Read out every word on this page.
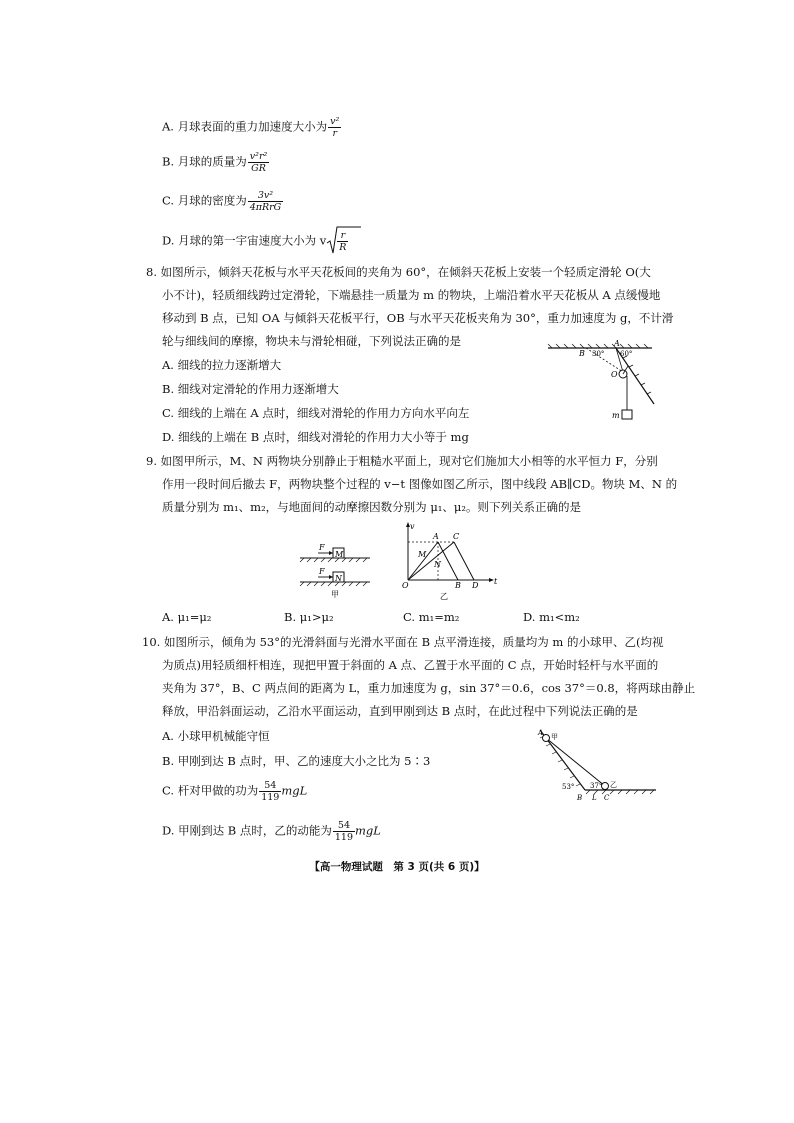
A. 月球表面的重力加速度大小为 $\frac{\text{v²}}{r}$
B. 月球的质量为 $\frac{\text{v²r²}}{GR}$
C. 月球的密度为 $\frac{\text{3v²}}{\text{4πRrG}}$
D. 月球的第一宇宙速度大小为 v $\frac{r}{R}$
8. 如图所示，倾斜天花板与水平天花板间的夹角为 60°，在倾斜天花板上安装一个轻质定滑轮 O(大
小不计)，轻质细线跨过定滑轮，下端悬挂一质量为 m 的物块，上端沿着水平天花板从 A 点缓慢地
移动到 B 点，已知 OA 与倾斜天花板平行，OB 与水平天花板夹角为 30°，重力加速度为 g，不计滑
轮与细线间的摩擦，物块未与滑轮相碰，下列说法正确的是
A. 细线的拉力逐渐增大
B. 细线对定滑轮的作用力逐渐增大
C. 细线的上端在 A 点时，细线对滑轮的作用力方向水平向左
D. 细线的上端在 B 点时，细线对滑轮的作用力大小等于 mg
B
A
30° 60°
O
m
9. 如图甲所示，M、N 两物块分别静止于粗糙水平面上，现对它们施加大小相等的水平恒力 F，分别
作用一段时间后撤去 F，两物块整个过程的 v−t 图像如图乙所示，图中线段 AB∥CD。物块 M、N 的
质量分别为 m₁、m₂，与地面间的动摩擦因数分别为 μ₁、μ₂。则下列关系正确的是
F
M
F
N
甲
v
t
O
A C
B D
M
N
乙
A. μ₁=μ₂	B. μ₁>μ₂	C. m₁=m₂	D. m₁<m₂
10. 如图所示，倾角为 53°的光滑斜面与光滑水平面在 B 点平滑连接，质量均为 m 的小球甲、乙(均视
为质点)用轻质细杆相连，现把甲置于斜面的 A 点、乙置于水平面的 C 点，开始时轻杆与水平面的
夹角为 37°，B、C 两点间的距离为 L，重力加速度为 g，sin 37°＝0.6，cos 37°＝0.8，将两球由静止
释放，甲沿斜面运动，乙沿水平面运动，直到甲刚到达 B 点时，在此过程中下列说法正确的是
A. 小球甲机械能守恒
B. 甲刚到达 B 点时，甲、乙的速度大小之比为 5∶3
C. 杆对甲做的功为 $\frac{54}{119}$ mgL
D. 甲刚到达 B 点时，乙的动能为 $\frac{54}{119}$ mgL
A 甲
53° 37° 乙
B L C
【高一物理试题　第 3 页(共 6 页)】
